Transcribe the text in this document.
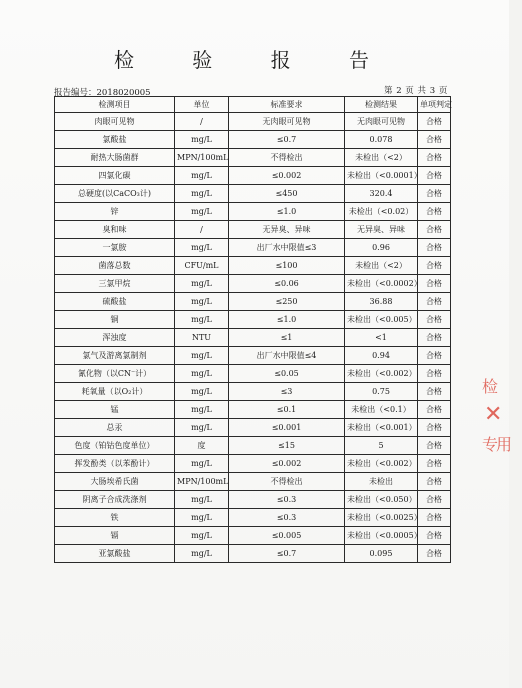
检 验 报 告
报告编号：2018020005	第 2 页 共 3 页
检测项目	单位	标准要求	检测结果	单项判定
肉眼可见物	/	无肉眼可见物	无肉眼可见物	合格
氯酸盐	mg/L	≤0.7	0.078	合格
耐热大肠菌群	MPN/100mL	不得检出	未检出（<2）	合格
四氯化碳	mg/L	≤0.002	未检出（<0.0001）	合格
总硬度(以CaCO₃计)	mg/L	≤450	320.4	合格
锌	mg/L	≤1.0	未检出（<0.02）	合格
臭和味	/	无异臭、异味	无异臭、异味	合格
一氯胺	mg/L	出厂水中限值≤3	0.96	合格
菌落总数	CFU/mL	≤100	未检出（<2）	合格
三氯甲烷	mg/L	≤0.06	未检出（<0.0002）	合格
硫酸盐	mg/L	≤250	36.88	合格
铜	mg/L	≤1.0	未检出（<0.005）	合格
浑浊度	NTU	≤1	<1	合格
氯气及游离氯制剂	mg/L	出厂水中限值≤4	0.94	合格
氰化物（以CN⁻计）	mg/L	≤0.05	未检出（<0.002）	合格
耗氧量（以O₂计）	mg/L	≤3	0.75	合格
锰	mg/L	≤0.1	未检出（<0.1）	合格
总汞	mg/L	≤0.001	未检出（<0.001）	合格
色度（铂钴色度单位）	度	≤15	5	合格
挥发酚类（以苯酚计）	mg/L	≤0.002	未检出（<0.002）	合格
大肠埃希氏菌	MPN/100mL	不得检出	未检出	合格
阴离子合成洗涤剂	mg/L	≤0.3	未检出（<0.050）	合格
铁	mg/L	≤0.3	未检出（<0.0025）	合格
镉	mg/L	≤0.005	未检出（<0.0005）	合格
亚氯酸盐	mg/L	≤0.7	0.095	合格
检
✕
专
用
